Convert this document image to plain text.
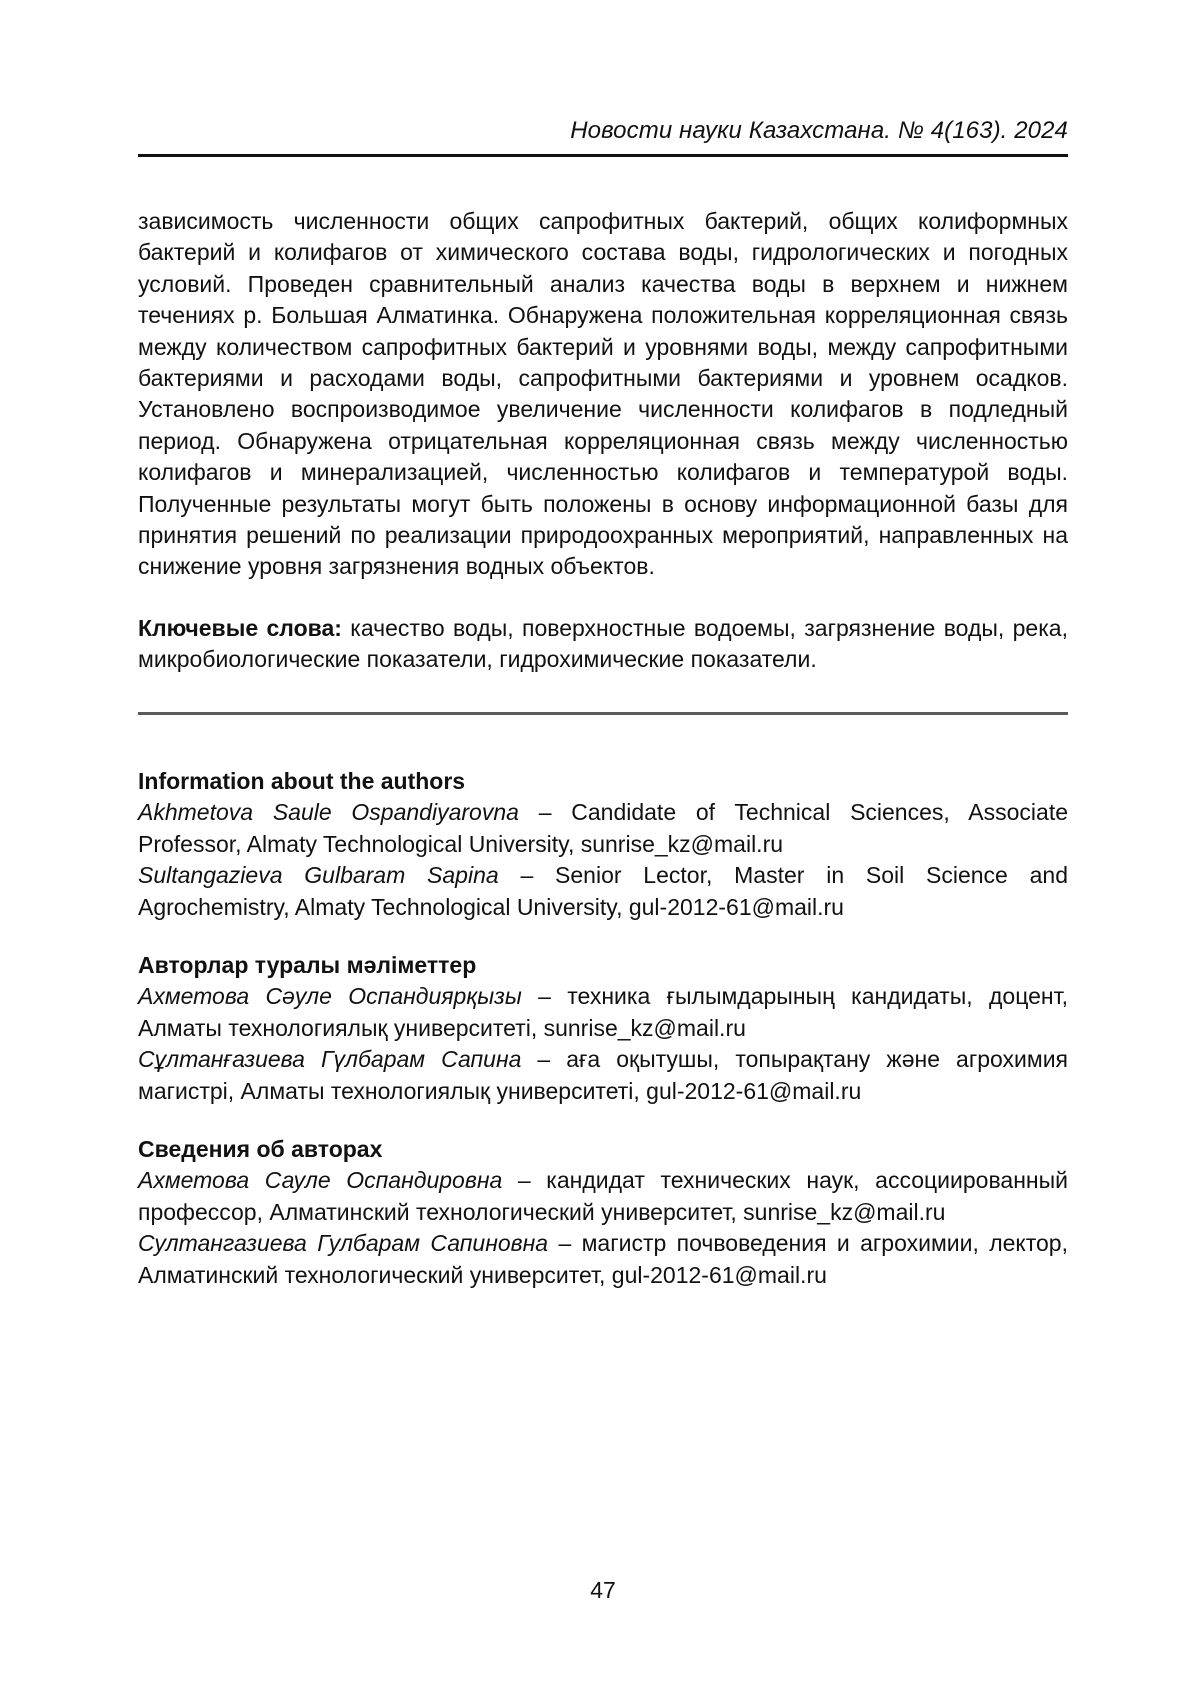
Новости науки Казахстана. № 4(163). 2024

зависимость численности общих сапрофитных бактерий, общих колиформных бактерий и колифагов от химического состава воды, гидрологических и погодных условий. Проведен сравнительный анализ качества воды в верхнем и нижнем течениях р. Большая Алматинка. Обнаружена положительная корреляционная связь между количеством сапрофитных бактерий и уровнями воды, между сапрофитными бактериями и расходами воды, сапрофитными бактериями и уровнем осадков. Установлено воспроизводимое увеличение численности колифагов в подледный период. Обнаружена отрицательная корреляционная связь между численностью колифагов и минерализацией, численностью колифагов и температурой воды. Полученные результаты могут быть положены в основу информационной базы для принятия решений по реализации природоохранных мероприятий, направленных на снижение уровня загрязнения водных объектов.

Ключевые слова: качество воды, поверхностные водоемы, загрязнение воды, река, микробиологические показатели, гидрохимические показатели.

Information about the authors

Akhmetova Saule Ospandiyarovna – Candidate of Technical Sciences, Associate Professor, Almaty Technological University, sunrise_kz@mail.ru

Sultangazieva Gulbaram Sapina – Senior Lector, Master in Soil Science and Agrochemistry, Almaty Technological University, gul-2012-61@mail.ru

Авторлар туралы мәліметтер

Ахметова Сәуле Оспандиярқызы – техника ғылымдарының кандидаты, доцент, Алматы технологиялық университеті, sunrise_kz@mail.ru

Сұлтанғазиева Гүлбарам Сапина – аға оқытушы, топырақтану және агрохимия магистрі, Алматы технологиялық университеті, gul-2012-61@mail.ru

Сведения об авторах

Ахметова Сауле Оспандировна – кандидат технических наук, ассоциированный профессор, Алматинский технологический университет, sunrise_kz@mail.ru

Султангазиева Гулбарам Сапиновна – магистр почвоведения и агрохимии, лектор, Алматинский технологический университет, gul-2012-61@mail.ru

47
